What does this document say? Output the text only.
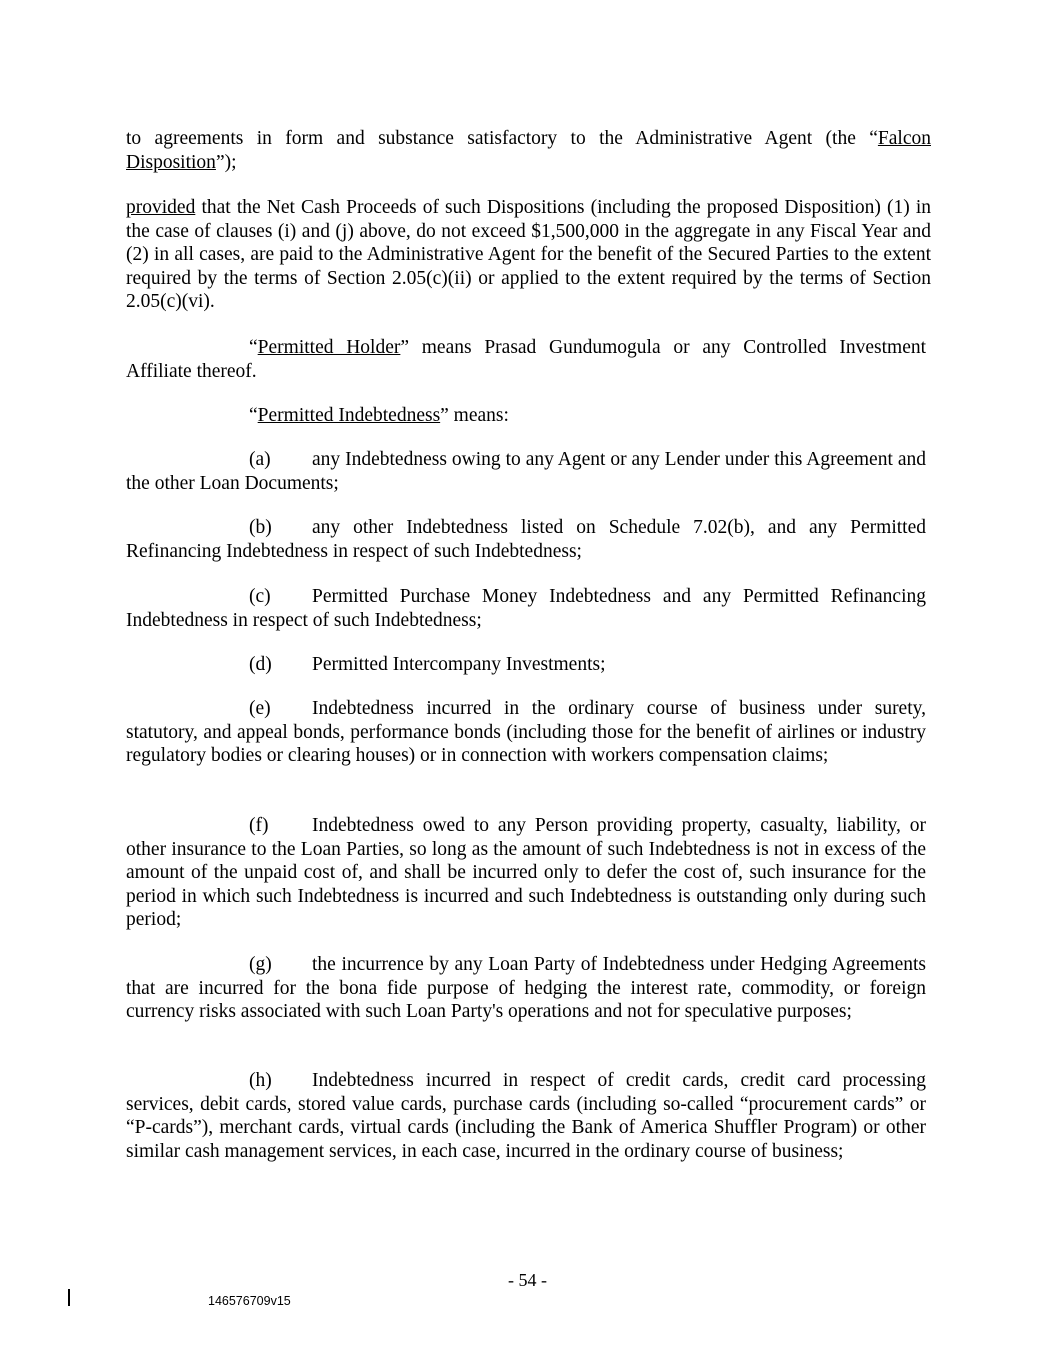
to agreements in form and substance satisfactory to the Administrative Agent (the “Falcon Disposition”);

provided that the Net Cash Proceeds of such Dispositions (including the proposed Disposition) (1) in the case of clauses (i) and (j) above, do not exceed $1,500,000 in the aggregate in any Fiscal Year and (2) in all cases, are paid to the Administrative Agent for the benefit of the Secured Parties to the extent required by the terms of Section 2.05(c)(ii) or applied to the extent required by the terms of Section 2.05(c)(vi).

“Permitted Holder” means Prasad Gundumogula or any Controlled Investment Affiliate thereof.

“Permitted Indebtedness” means:

(a) any Indebtedness owing to any Agent or any Lender under this Agreement and the other Loan Documents;

(b) any other Indebtedness listed on Schedule 7.02(b), and any Permitted Refinancing Indebtedness in respect of such Indebtedness;

(c) Permitted Purchase Money Indebtedness and any Permitted Refinancing Indebtedness in respect of such Indebtedness;

(d) Permitted Intercompany Investments;

(e) Indebtedness incurred in the ordinary course of business under surety, statutory, and appeal bonds, performance bonds (including those for the benefit of airlines or industry regulatory bodies or clearing houses) or in connection with workers compensation claims;

(f) Indebtedness owed to any Person providing property, casualty, liability, or other insurance to the Loan Parties, so long as the amount of such Indebtedness is not in excess of the amount of the unpaid cost of, and shall be incurred only to defer the cost of, such insurance for the period in which such Indebtedness is incurred and such Indebtedness is outstanding only during such period;

(g) the incurrence by any Loan Party of Indebtedness under Hedging Agreements that are incurred for the bona fide purpose of hedging the interest rate, commodity, or foreign currency risks associated with such Loan Party's operations and not for speculative purposes;

(h) Indebtedness incurred in respect of credit cards, credit card processing services, debit cards, stored value cards, purchase cards (including so-called “procurement cards” or “P-cards”), merchant cards, virtual cards (including the Bank of America Shuffler Program) or other similar cash management services, in each case, incurred in the ordinary course of business;

- 54 -
146576709v15
